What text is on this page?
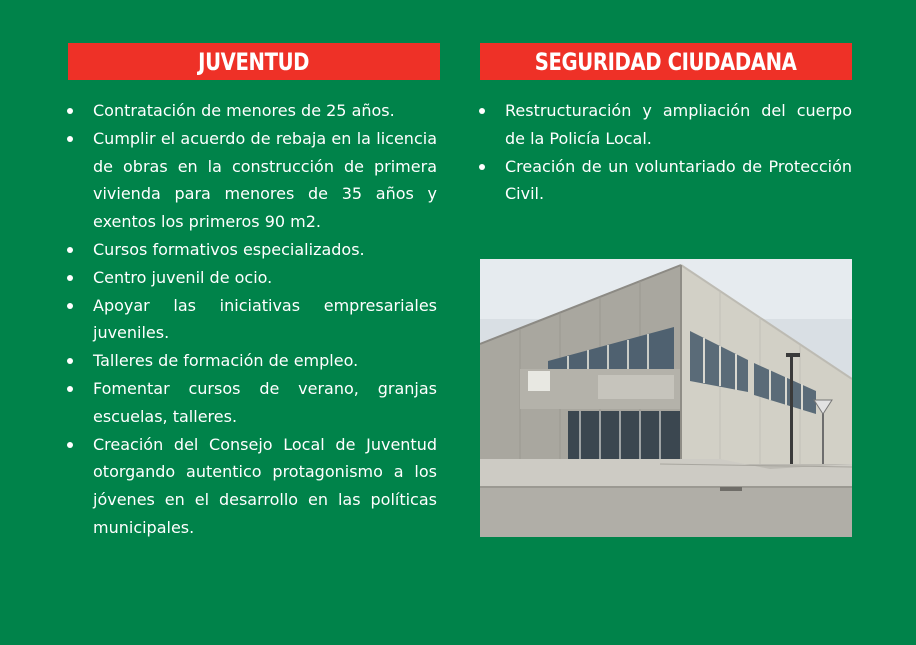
JUVENTUD
Contratación de menores de 25 años.
Cumplir el acuerdo de rebaja en la licencia de obras en la construcción de primera vivienda para menores de 35 años y exentos los primeros 90 m2.
Cursos formativos especializados.
Centro juvenil de ocio.
Apoyar las iniciativas empresariales juveniles.
Talleres de formación de empleo.
Fomentar cursos de verano, granjas escuelas, talleres.
Creación del Consejo Local de Juventud otorgando autentico protagonismo a los jóvenes en el desarrollo en las políticas municipales.
SEGURIDAD CIUDADANA
Restructuración y ampliación del cuerpo de la Policía Local.
Creación de un voluntariado de Protección Civil.
